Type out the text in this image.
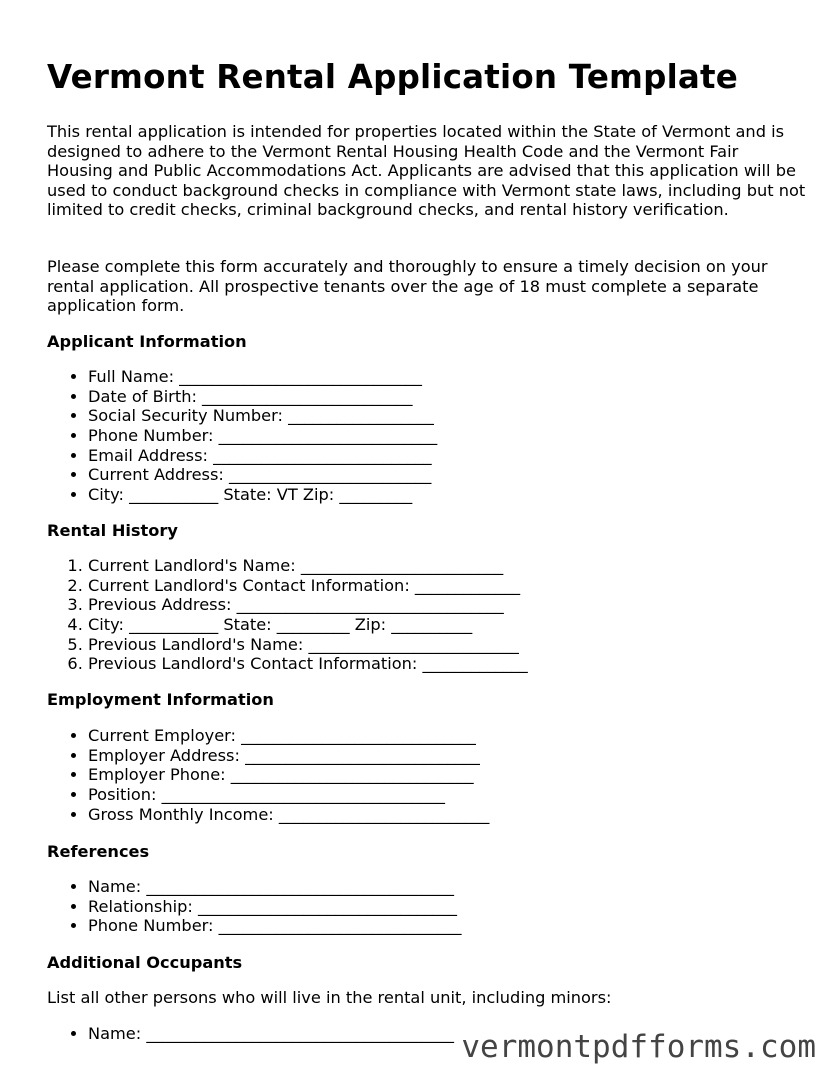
Vermont Rental Application Template

This rental application is intended for properties located within the State of Vermont and is designed to adhere to the Vermont Rental Housing Health Code and the Vermont Fair Housing and Public Accommodations Act. Applicants are advised that this application will be used to conduct background checks in compliance with Vermont state laws, including but not limited to credit checks, criminal background checks, and rental history verification.

Please complete this form accurately and thoroughly to ensure a timely decision on your rental application. All prospective tenants over the age of 18 must complete a separate application form.

Applicant Information
• Full Name: ______________________________
• Date of Birth: __________________________
• Social Security Number: __________________
• Phone Number: ___________________________
• Email Address: ___________________________
• Current Address: _________________________
• City: ___________ State: VT Zip: _________
Rental History
1. Current Landlord's Name: _________________________
2. Current Landlord's Contact Information: _____________
3. Previous Address: _________________________________
4. City: ___________ State: _________ Zip: __________
5. Previous Landlord's Name: __________________________
6. Previous Landlord's Contact Information: _____________
Employment Information
• Current Employer: _____________________________
• Employer Address: _____________________________
• Employer Phone: ______________________________
• Position: ___________________________________
• Gross Monthly Income: __________________________
References
• Name: ______________________________________
• Relationship: ________________________________
• Phone Number: ______________________________
Additional Occupants

List all other persons who will live in the rental unit, including minors:

• Name: ______________________________________ vermontpdfforms.com
